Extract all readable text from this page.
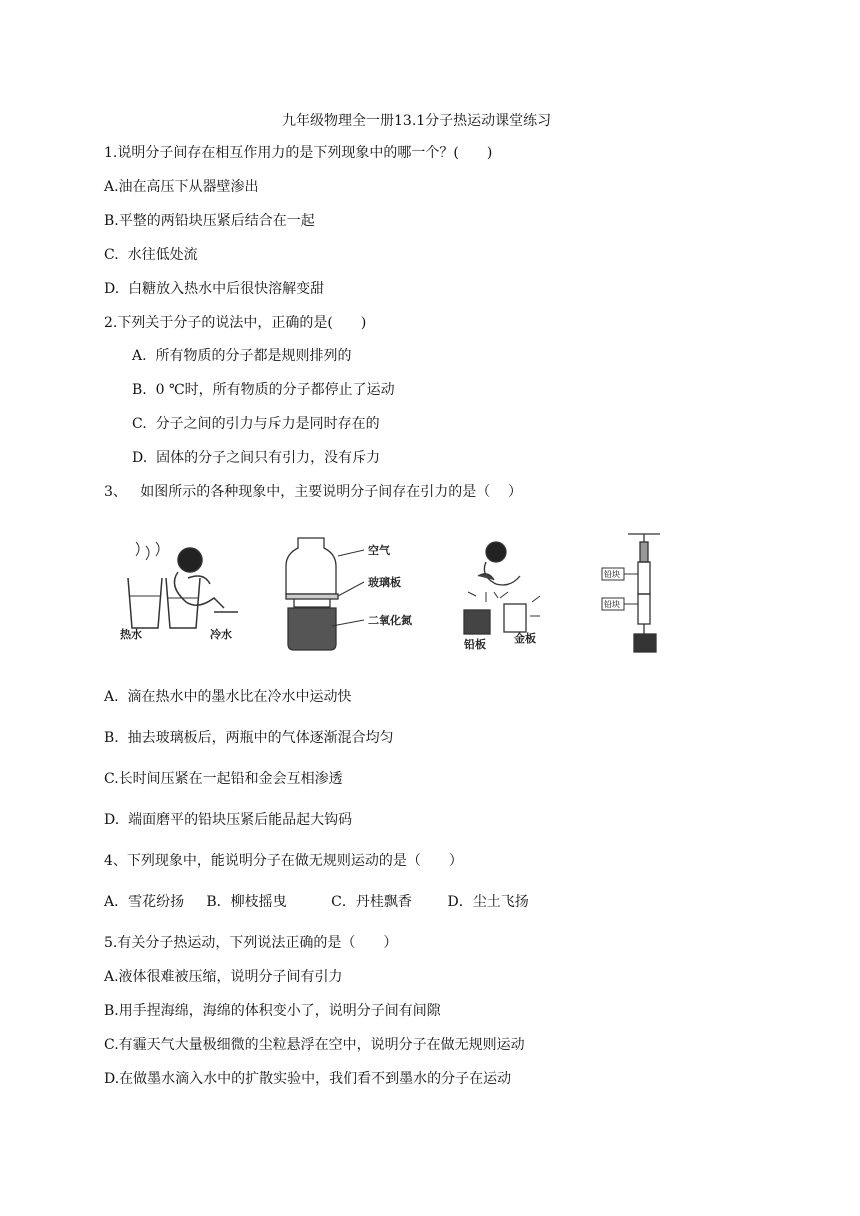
九年级物理全一册13.1分子热运动课堂练习
1.说明分子间存在相互作用力的是下列现象中的哪一个？(　　)
A.油在高压下从器壁渗出
B.平整的两铅块压紧后结合在一起
C.  水往低处流
D.  白糖放入热水中后很快溶解变甜
2.下列关于分子的说法中，正确的是(　　)
A.  所有物质的分子都是规则排列的
B.  0 ℃时，所有物质的分子都停止了运动
C.  分子之间的引力与斥力是同时存在的
D.  固体的分子之间只有引力，没有斥力
3、   如图所示的各种现象中，主要说明分子间存在引力的是（    ）
热水	冷水
空气
玻璃板
二氧化氮
铅板	金板
铅块
铅块
A.  滴在热水中的墨水比在冷水中运动快
B.  抽去玻璃板后，两瓶中的气体逐渐混合均匀
C.长时间压紧在一起铅和金会互相渗透
D.  端面磨平的铅块压紧后能品起大钩码
4、下列现象中，能说明分子在做无规则运动的是（　　）
A．雪花纷扬     B．柳枝摇曳          C．丹桂飘香        D．尘土飞扬
5.有关分子热运动，下列说法正确的是（　　）
A.液体很难被压缩，说明分子间有引力
B.用手捏海绵，海绵的体积变小了，说明分子间有间隙
C.有霾天气大量极细微的尘粒悬浮在空中，说明分子在做无规则运动
D.在做墨水滴入水中的扩散实验中，我们看不到墨水的分子在运动
